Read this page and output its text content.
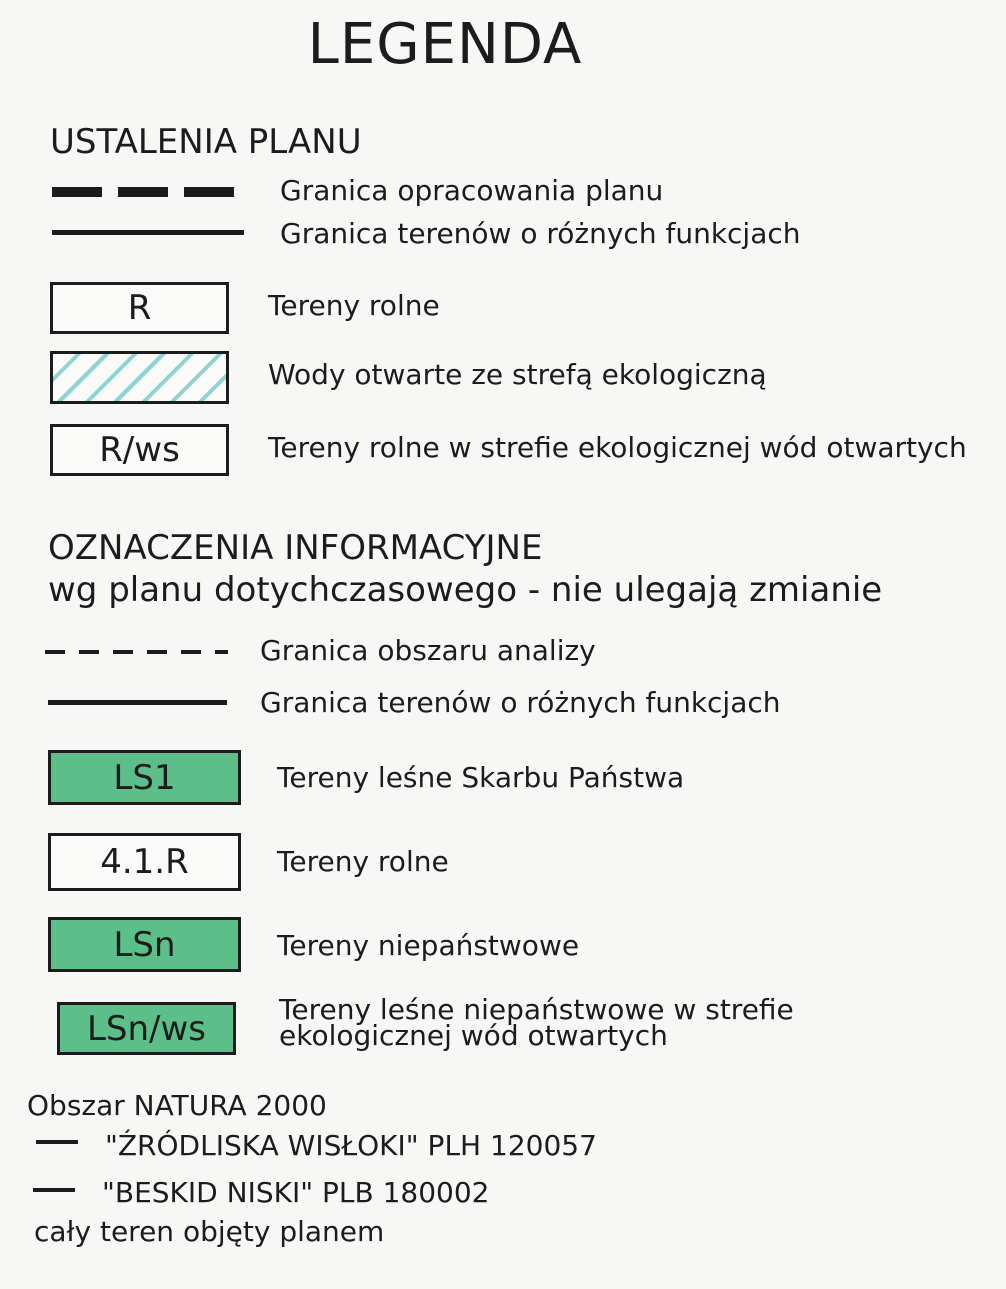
LEGENDA
USTALENIA PLANU
Granica opracowania planu
Granica terenów o różnych funkcjach
R	Tereny rolne
Wody otwarte ze strefą ekologiczną
R/ws	Tereny rolne w strefie ekologicznej wód otwartych
OZNACZENIA INFORMACYJNE
wg planu dotychczasowego - nie ulegają zmianie
Granica obszaru analizy
Granica terenów o różnych funkcjach
LS1	Tereny leśne Skarbu Państwa
4.1.R	Tereny rolne
LSn	Tereny niepaństwowe
LSn/ws	Tereny leśne niepaństwowe w strefie
ekologicznej wód otwartych
Obszar NATURA 2000
"ŹRÓDLISKA WISŁOKI" PLH 120057
"BESKID NISKI" PLB 180002
cały teren objęty planem
